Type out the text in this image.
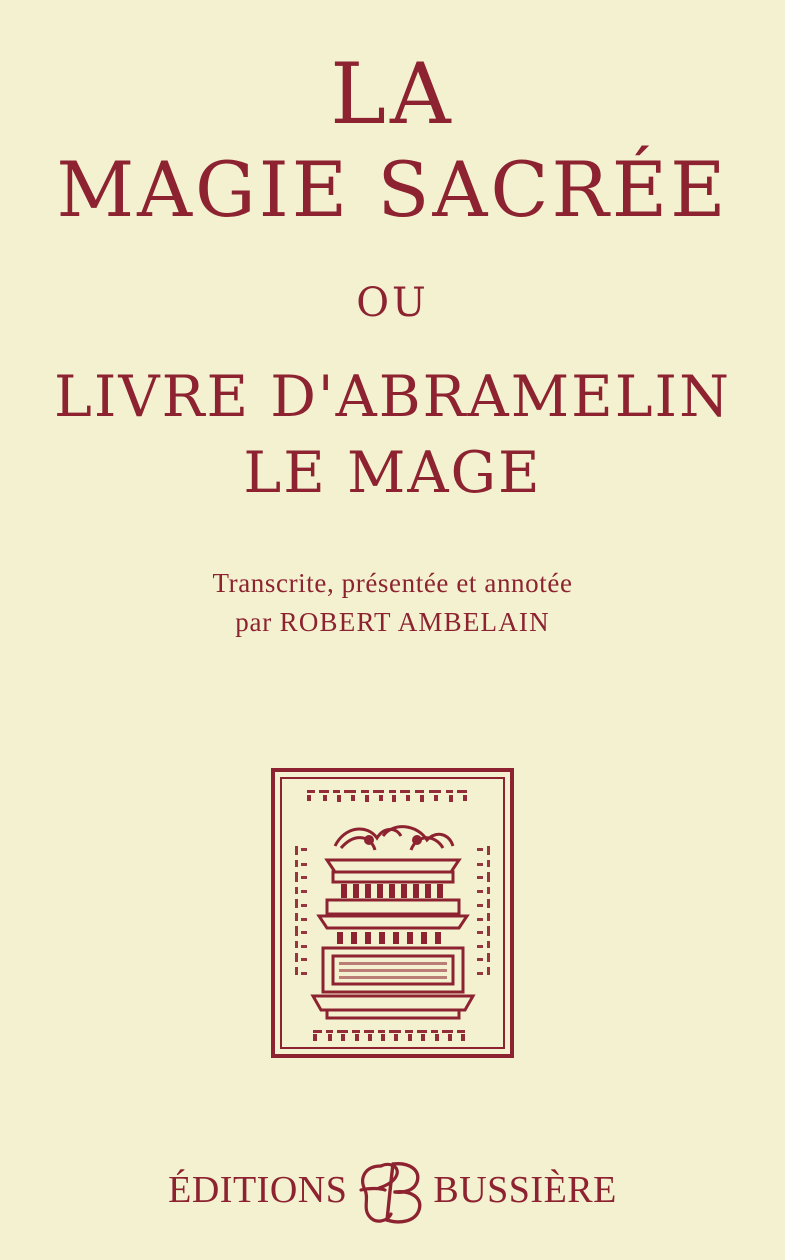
LA
MAGIE SACRÉE
OU
LIVRE D'ABRAMELIN
LE MAGE
Transcrite, présentée et annotée
par ROBERT AMBELAIN
ÉDITIONS BUSSIÈRE
